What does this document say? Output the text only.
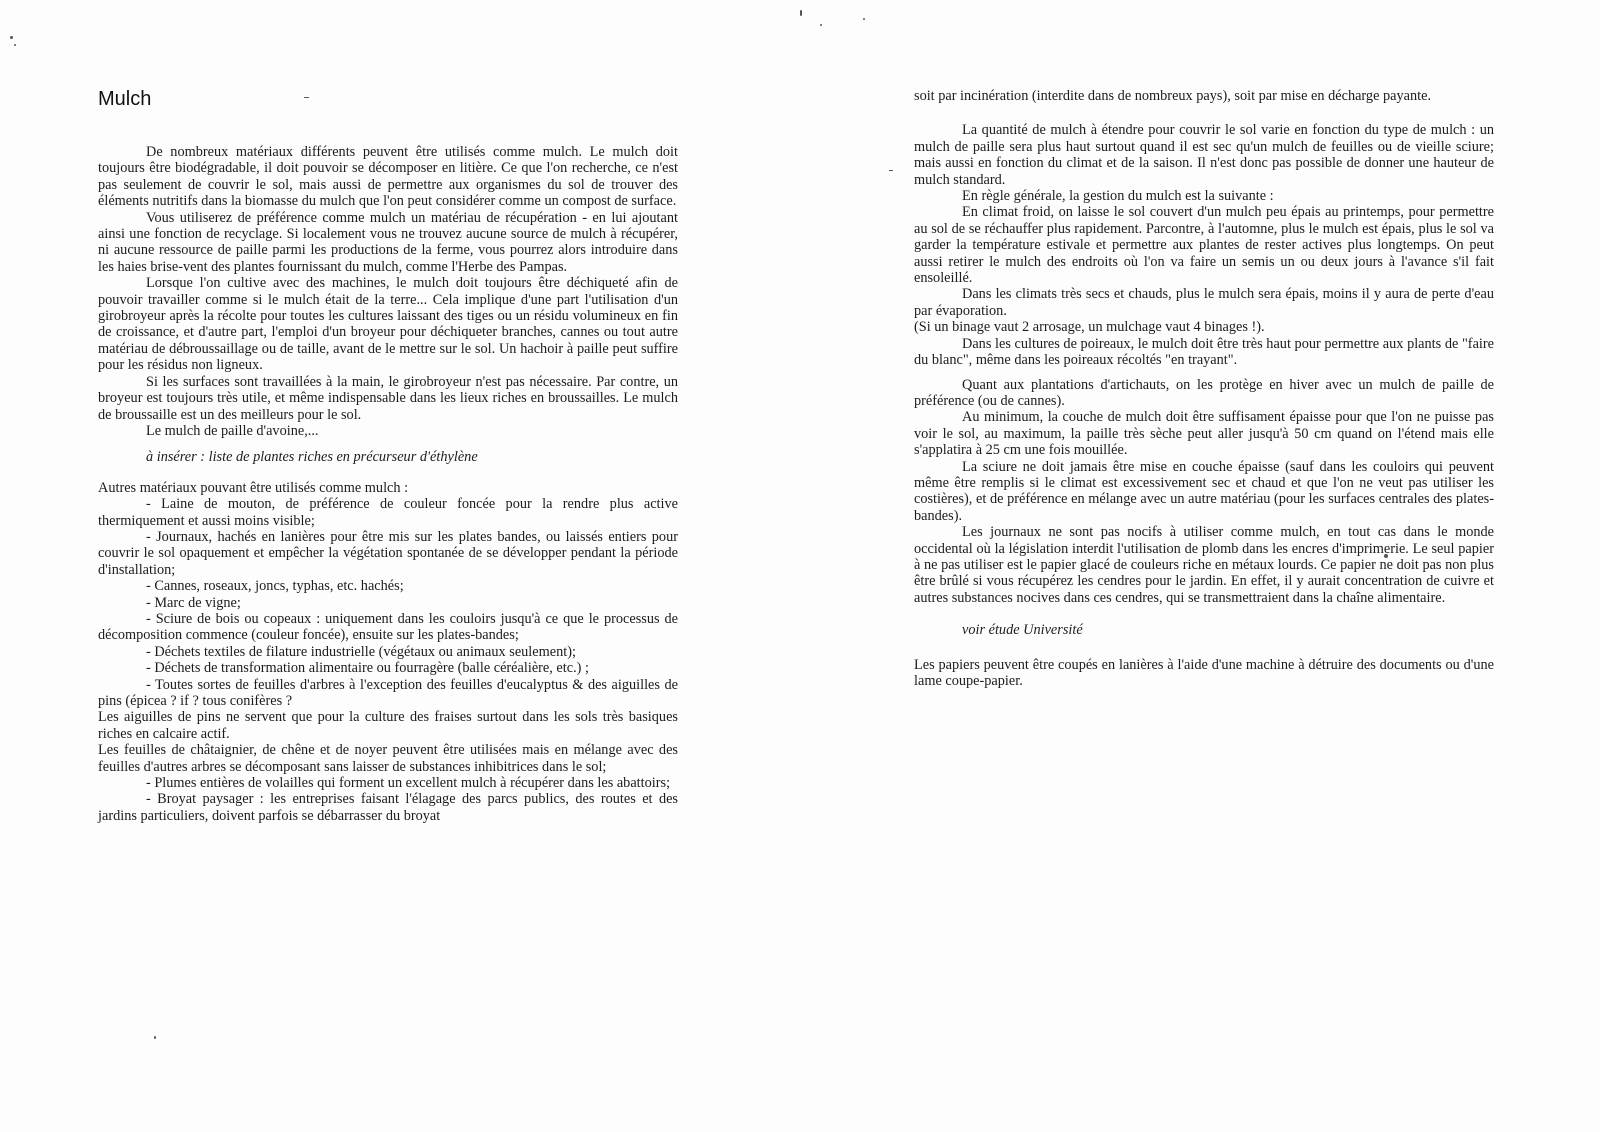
Mulch

De nombreux matériaux différents peuvent être utilisés comme mulch. Le mulch doit toujours être biodégradable, il doit pouvoir se décomposer en litière. Ce que l'on recherche, ce n'est pas seulement de couvrir le sol, mais aussi de permettre aux organismes du sol de trouver des éléments nutritifs dans la biomasse du mulch que l'on peut considérer comme un compost de surface.

Vous utiliserez de préférence comme mulch un matériau de récupération - en lui ajoutant ainsi une fonction de recyclage. Si localement vous ne trouvez aucune source de mulch à récupérer, ni aucune ressource de paille parmi les productions de la ferme, vous pourrez alors introduire dans les haies brise-vent des plantes fournissant du mulch, comme l'Herbe des Pampas.

Lorsque l'on cultive avec des machines, le mulch doit toujours être déchiqueté afin de pouvoir travailler comme si le mulch était de la terre... Cela implique d'une part l'utilisation d'un girobroyeur après la récolte pour toutes les cultures laissant des tiges ou un résidu volumineux en fin de croissance, et d'autre part, l'emploi d'un broyeur pour déchiqueter branches, cannes ou tout autre matériau de débroussaillage ou de taille, avant de le mettre sur le sol. Un hachoir à paille peut suffire pour les résidus non ligneux.

Si les surfaces sont travaillées à la main, le girobroyeur n'est pas nécessaire. Par contre, un broyeur est toujours très utile, et même indispensable dans les lieux riches en broussailles. Le mulch de broussaille est un des meilleurs pour le sol.

Le mulch de paille d'avoine,...

à insérer : liste de plantes riches en précurseur d'éthylène

Autres matériaux pouvant être utilisés comme mulch :

- Laine de mouton, de préférence de couleur foncée pour la rendre plus active thermiquement et aussi moins visible;

- Journaux, hachés en lanières pour être mis sur les plates bandes, ou laissés entiers pour couvrir le sol opaquement et empêcher la végétation spontanée de se développer pendant la période d'installation;

- Cannes, roseaux, joncs, typhas, etc. hachés;

- Marc de vigne;

- Sciure de bois ou copeaux : uniquement dans les couloirs jusqu'à ce que le processus de décomposition commence (couleur foncée), ensuite sur les plates-bandes;

- Déchets textiles de filature industrielle (végétaux ou animaux seulement);

- Déchets de transformation alimentaire ou fourragère (balle céréalière, etc.) ;

- Toutes sortes de feuilles d'arbres à l'exception des feuilles d'eucalyptus & des aiguilles de pins (épicea ? if ? tous conifères ?

Les aiguilles de pins ne servent que pour la culture des fraises surtout dans les sols très basiques riches en calcaire actif.

Les feuilles de châtaignier, de chêne et de noyer peuvent être utilisées mais en mélange avec des feuilles d'autres arbres se décomposant sans laisser de substances inhibitrices dans le sol;

- Plumes entières de volailles qui forment un excellent mulch à récupérer dans les abattoirs;

- Broyat paysager : les entreprises faisant l'élagage des parcs publics, des routes et des jardins particuliers, doivent parfois se débarrasser du broyat

soit par incinération (interdite dans de nombreux pays), soit par mise en décharge payante.

La quantité de mulch à étendre pour couvrir le sol varie en fonction du type de mulch : un mulch de paille sera plus haut surtout quand il est sec qu'un mulch de feuilles ou de vieille sciure; mais aussi en fonction du climat et de la saison. Il n'est donc pas possible de donner une hauteur de mulch standard.

En règle générale, la gestion du mulch est la suivante :

En climat froid, on laisse le sol couvert d'un mulch peu épais au printemps, pour permettre au sol de se réchauffer plus rapidement. Parcontre, à l'automne, plus le mulch est épais, plus le sol va garder la température estivale et permettre aux plantes de rester actives plus longtemps. On peut aussi retirer le mulch des endroits où l'on va faire un semis un ou deux jours à l'avance s'il fait ensoleillé.

Dans les climats très secs et chauds, plus le mulch sera épais, moins il y aura de perte d'eau par évaporation.

(Si un binage vaut 2 arrosage, un mulchage vaut 4 binages !).

Dans les cultures de poireaux, le mulch doit être très haut pour permettre aux plants de "faire du blanc", même dans les poireaux récoltés "en trayant".

Quant aux plantations d'artichauts, on les protège en hiver avec un mulch de paille de préférence (ou de cannes).

Au minimum, la couche de mulch doit être suffisament épaisse pour que l'on ne puisse pas voir le sol, au maximum, la paille très sèche peut aller jusqu'à 50 cm quand on l'étend mais elle s'applatira à 25 cm une fois mouillée.

La sciure ne doit jamais être mise en couche épaisse (sauf dans les couloirs qui peuvent même être remplis si le climat est excessivement sec et chaud et que l'on ne veut pas utiliser les costières), et de préférence en mélange avec un autre matériau (pour les surfaces centrales des plates-bandes).

Les journaux ne sont pas nocifs à utiliser comme mulch, en tout cas dans le monde occidental où la législation interdit l'utilisation de plomb dans les encres d'imprimerie. Le seul papier à ne pas utiliser est le papier glacé de couleurs riche en métaux lourds. Ce papier ne doit pas non plus être brûlé si vous récupérez les cendres pour le jardin. En effet, il y aurait concentration de cuivre et autres substances nocives dans ces cendres, qui se transmettraient dans la chaîne alimentaire.

voir étude Université

Les papiers peuvent être coupés en lanières à l'aide d'une machine à détruire des documents ou d'une lame coupe-papier.
